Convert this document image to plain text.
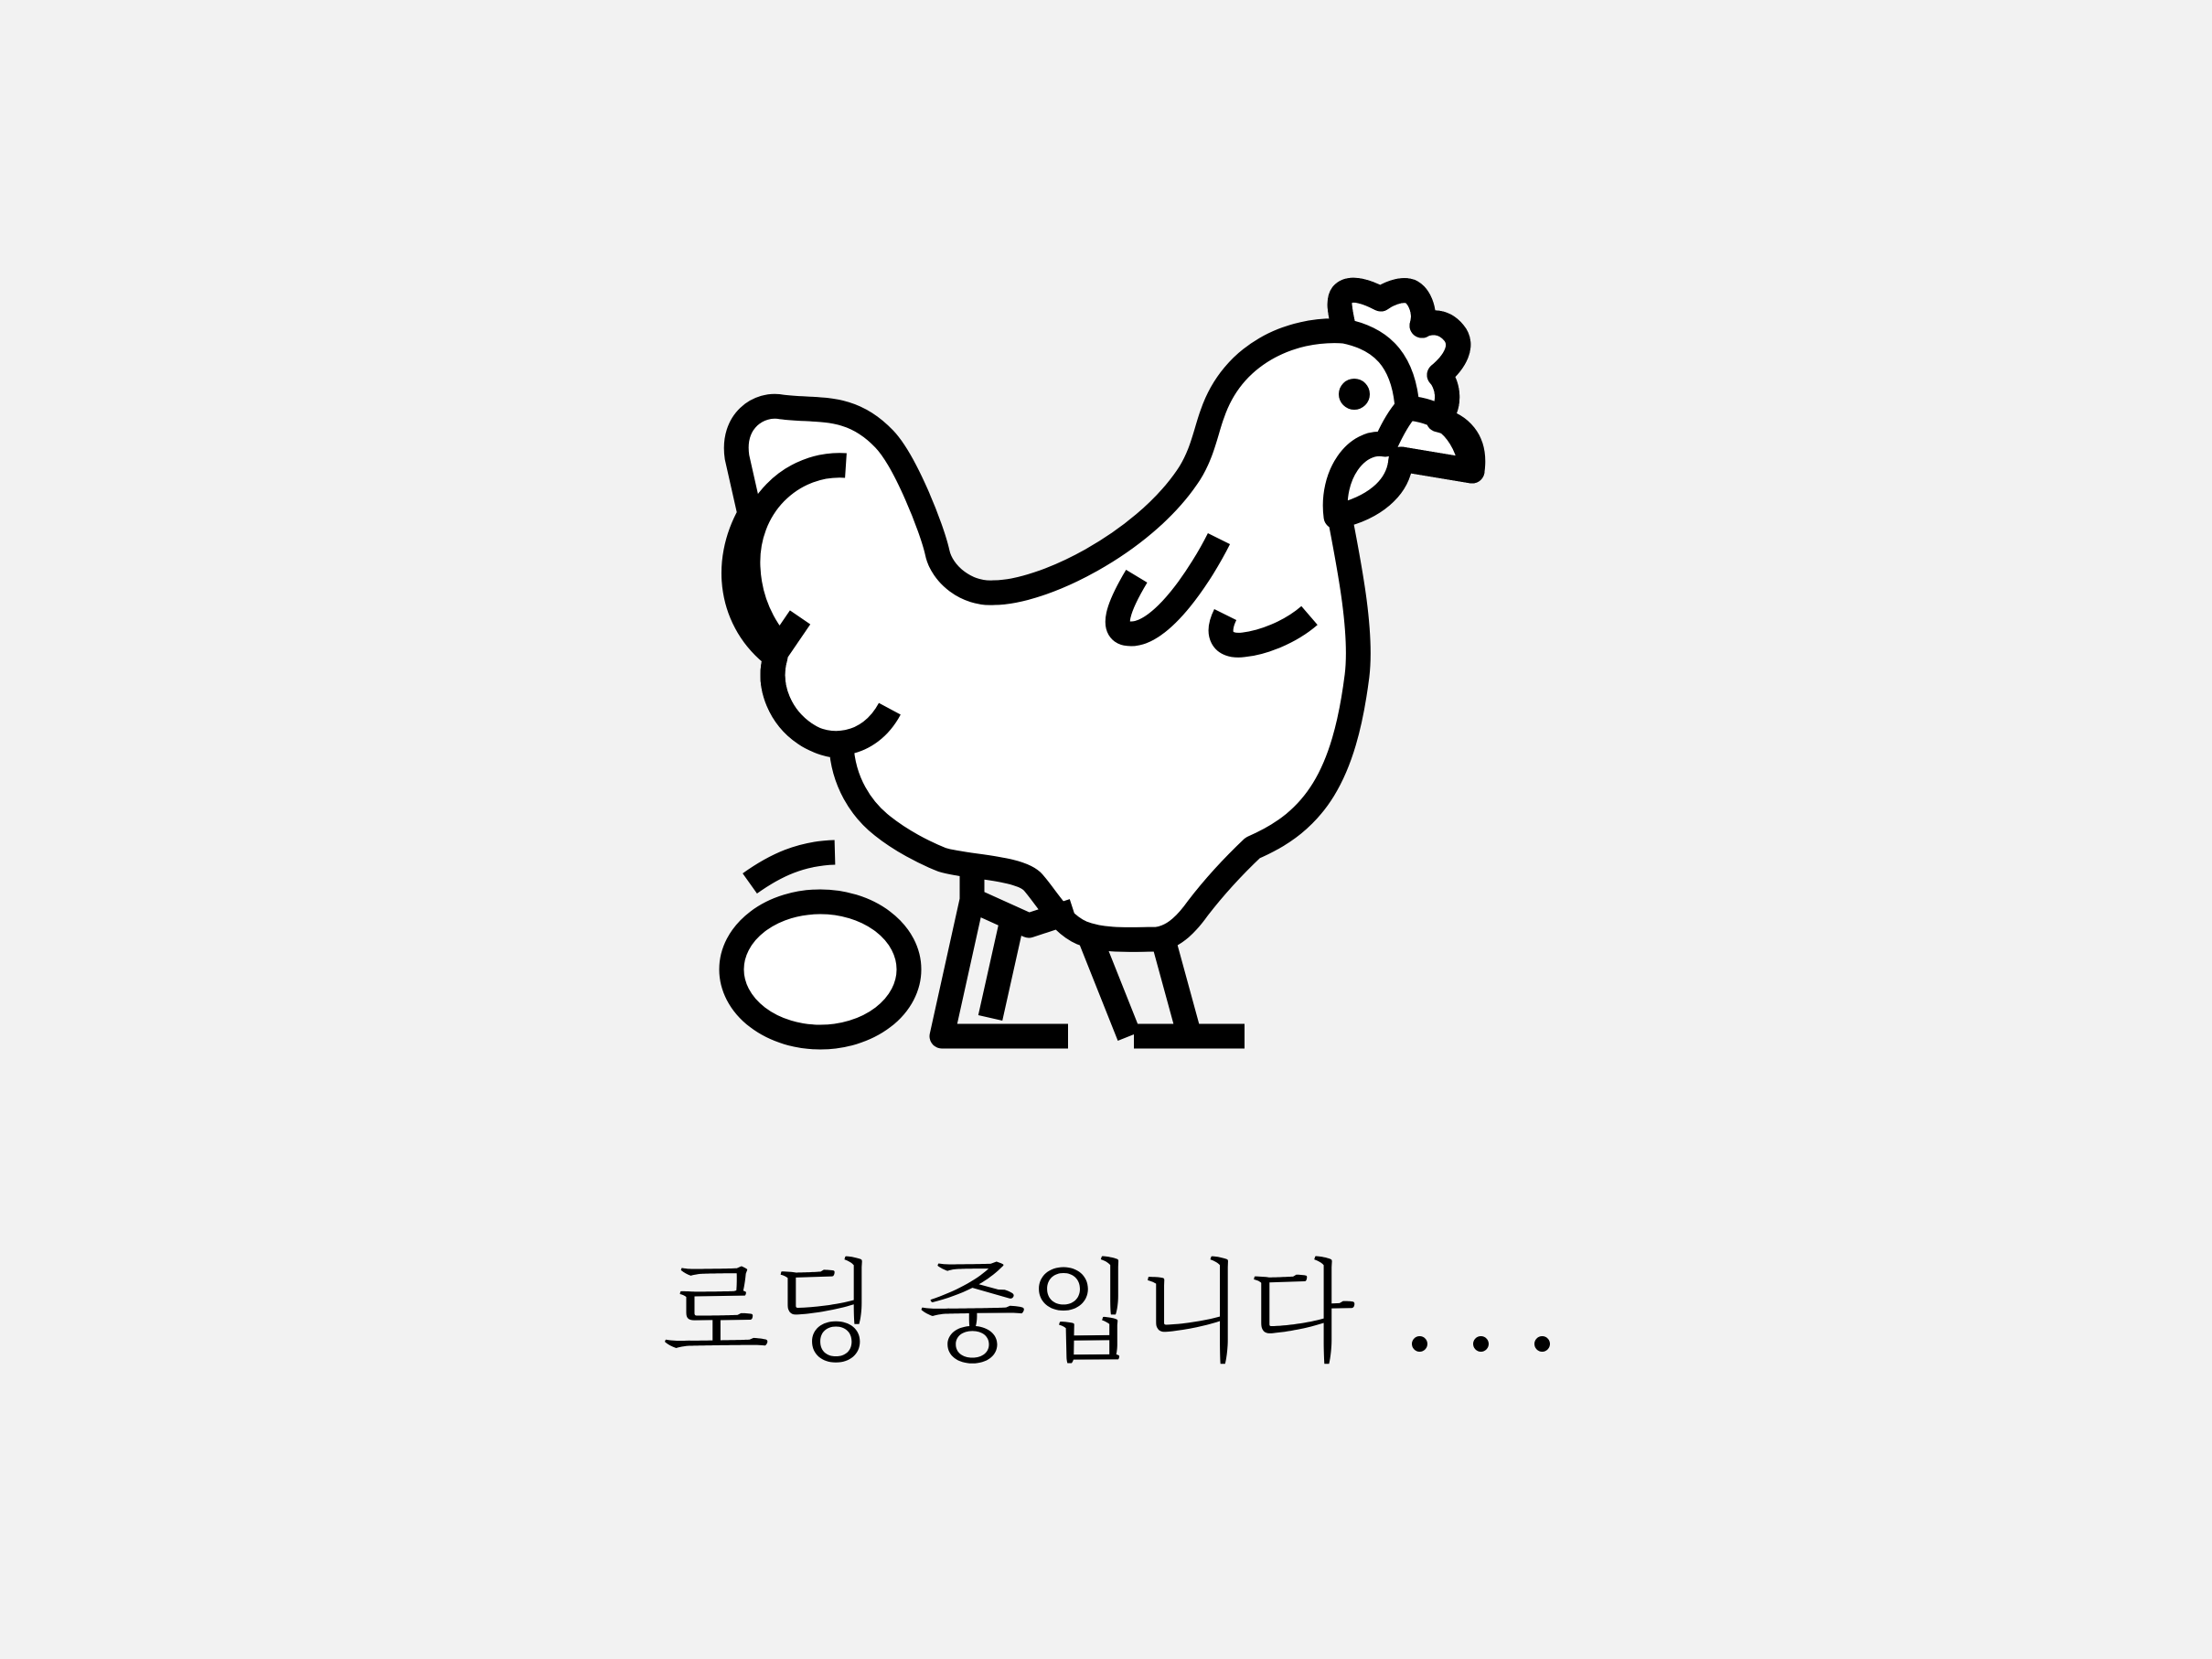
로딩 중입니다
